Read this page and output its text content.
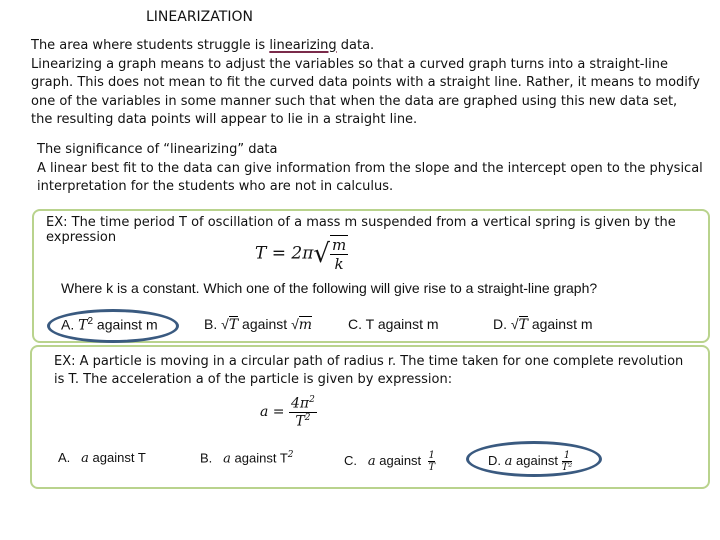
LINEARIZATION

The area where students struggle is linearizing data.

Linearizing a graph means to adjust the variables so that a curved graph turns into a straight-line graph. This does not mean to fit the curved data points with a straight line. Rather, it means to modify one of the variables in some manner such that when the data are graphed using this new data set, the resulting data points will appear to lie in a straight line.

The significance of “linearizing” data

A linear best fit to the data can give information from the slope and the intercept open to the physical interpretation for the students who are not in calculus.

EX: The time period T of oscillation of a mass m suspended from a vertical spring is given by the expression
$T = 2\pi√ \frac{m}{k}$
Where k is a constant. Which one of the following will give rise to a straight-line graph?
A. $T^2$ against m	B. √T against √m	C. T against m	D. √T against m
EX: A particle is moving in a circular path of radius r. The time taken for one complete revolution is T. The acceleration a of the particle is given by expression:
$a = \frac{4\pi^2}{T^2}$
A. a against T	B. a against $T^2$	C. a against $\frac{1}{T}$	D. a against $\frac{1}{\text{T²}}$
